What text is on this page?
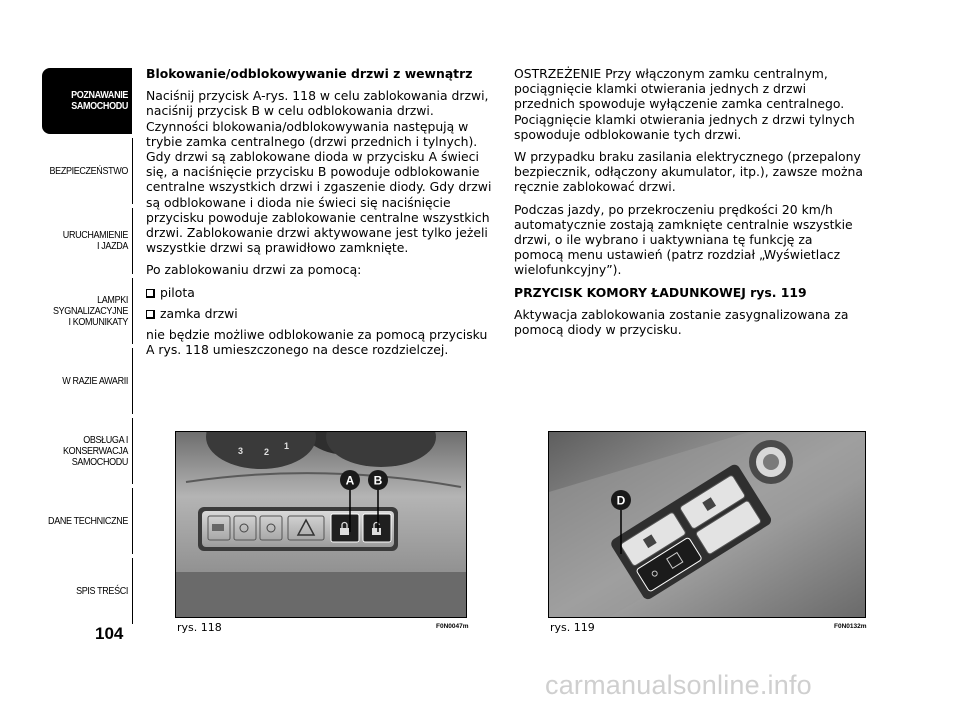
POZNAWANIE
SAMOCHODU
BEZPIECZEŃSTWO
URUCHAMIENIE
I JAZDA
LAMPKI
SYGNALIZACYJNE
I KOMUNIKATY
W RAZIE AWARII
OBSŁUGA I
KONSERWACJA
SAMOCHODU
DANE TECHNICZNE
SPIS TREŚCI
104

Blokowanie/odblokowywanie drzwi z wewnątrz

Naciśnij przycisk A-rys. 118 w celu zablokowania drzwi, naciśnij przycisk B w celu odblokowania drzwi. Czynności blokowania/odblokowywania następują w trybie zamka centralnego (drzwi przednich i tylnych). Gdy drzwi są zablokowane dioda w przycisku A świeci się, a naciśnięcie przycisku B powoduje odblokowanie centralne wszystkich drzwi i zgaszenie diody. Gdy drzwi są odblokowane i dioda nie świeci się naciśnięcie przycisku powoduje zablokowanie centralne wszystkich drzwi. Zablokowanie drzwi aktywowane jest tylko jeżeli wszystkie drzwi są prawidłowo zamknięte.

Po zablokowaniu drzwi za pomocą:

pilota
zamka drzwi

nie będzie możliwe odblokowanie za pomocą przycisku A rys. 118 umieszczonego na desce rozdzielczej.

OSTRZEŻENIE Przy włączonym zamku centralnym, pociągnięcie klamki otwierania jednych z drzwi przednich spowoduje wyłączenie zamka centralnego. Pociągnięcie klamki otwierania jednych z drzwi tylnych spowoduje odblokowanie tych drzwi.

W przypadku braku zasilania elektrycznego (przepalony bezpiecznik, odłączony akumulator, itp.), zawsze można ręcznie zablokować drzwi.

Podczas jazdy, po przekroczeniu prędkości 20 km/h automatycznie zostają zamknięte centralnie wszystkie drzwi, o ile wybrano i uaktywniana tę funkcję za pomocą menu ustawień (patrz rozdział „Wyświetlacz wielofunkcyjny”).

PRZYCISK KOMORY ŁADUNKOWEJ rys. 119

Aktywacja zablokowania zostanie zasygnalizowana za pomocą diody w przycisku.

3 2
1
A B
rys. 118	F0N0047m
D
rys. 119	F0N0132m
carmanualsonline.info
